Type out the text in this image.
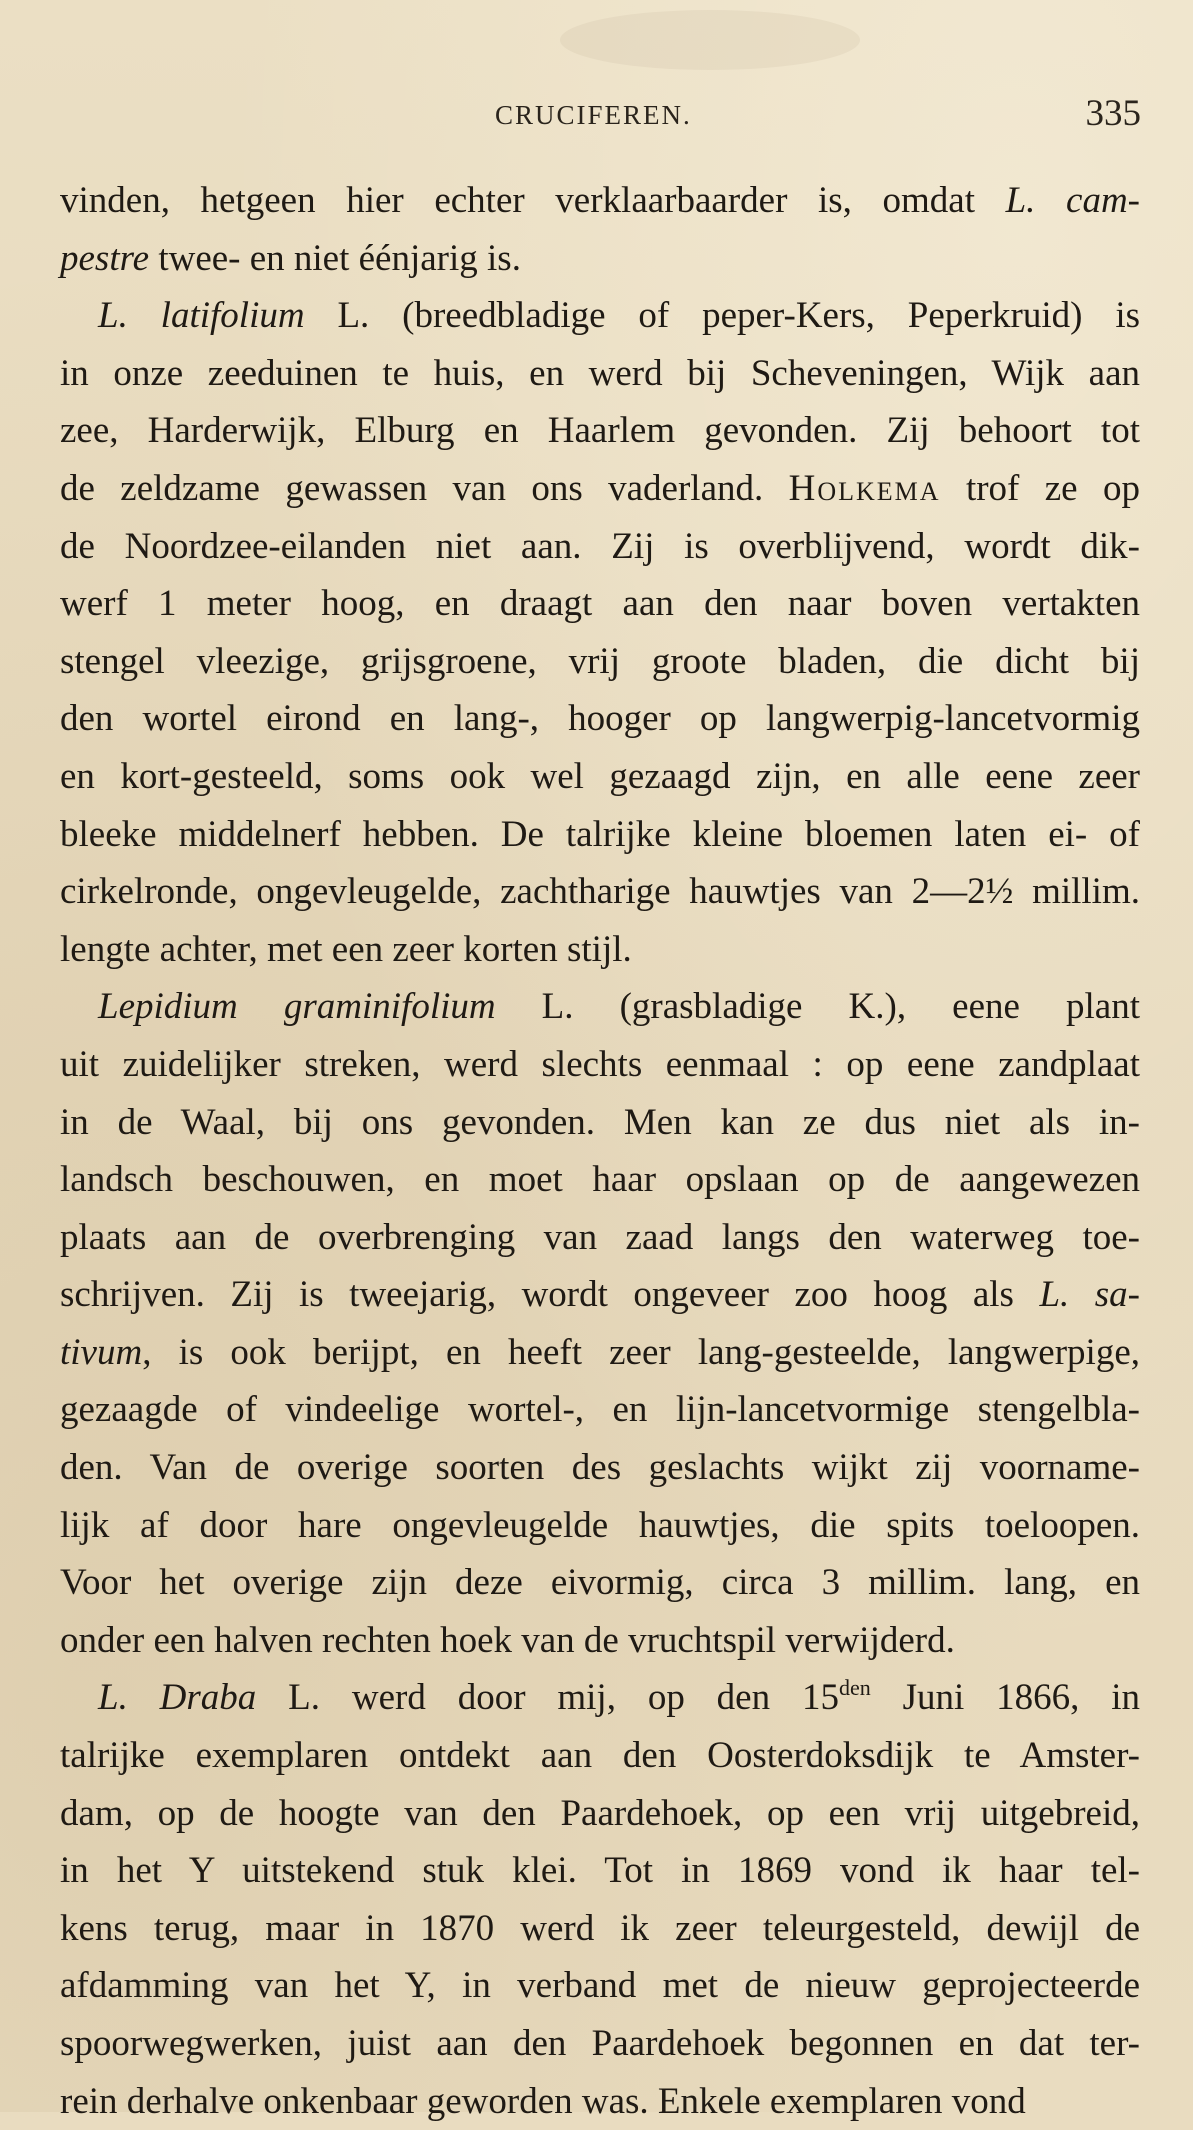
CRUCIFEREN.	335
vinden, hetgeen hier echter verklaarbaarder is, omdat L. cam-
pestre twee- en niet éénjarig is.
L. latifolium L. (breedbladige of peper-Kers, Peperkruid) is
in onze zeeduinen te huis, en werd bij Scheveningen, Wijk aan
zee, Harderwijk, Elburg en Haarlem gevonden. Zij behoort tot
de zeldzame gewassen van ons vaderland. Holkema trof ze op
de Noordzee-eilanden niet aan. Zij is overblijvend, wordt dik-
werf 1 meter hoog, en draagt aan den naar boven vertakten
stengel vleezige, grijsgroene, vrij groote bladen, die dicht bij
den wortel eirond en lang-, hooger op langwerpig-lancetvormig
en kort-gesteeld, soms ook wel gezaagd zijn, en alle eene zeer
bleeke middelnerf hebben. De talrijke kleine bloemen laten ei- of
cirkelronde, ongevleugelde, zachtharige hauwtjes van 2—2½ millim.
lengte achter, met een zeer korten stijl.
Lepidium graminifolium L. (grasbladige K.), eene plant
uit zuidelijker streken, werd slechts eenmaal : op eene zandplaat
in de Waal, bij ons gevonden. Men kan ze dus niet als in-
landsch beschouwen, en moet haar opslaan op de aangewezen
plaats aan de overbrenging van zaad langs den waterweg toe-
schrijven. Zij is tweejarig, wordt ongeveer zoo hoog als L. sa-
tivum, is ook berijpt, en heeft zeer lang-gesteelde, langwerpige,
gezaagde of vindeelige wortel-, en lijn-lancetvormige stengelbla-
den. Van de overige soorten des geslachts wijkt zij voorname-
lijk af door hare ongevleugelde hauwtjes, die spits toeloopen.
Voor het overige zijn deze eivormig, circa 3 millim. lang, en
onder een halven rechten hoek van de vruchtspil verwijderd.
L. Draba L. werd door mij, op den $15^{den}$ Juni 1866, in
talrijke exemplaren ontdekt aan den Oosterdoksdijk te Amster-
dam, op de hoogte van den Paardehoek, op een vrij uitgebreid,
in het Y uitstekend stuk klei. Tot in 1869 vond ik haar tel-
kens terug, maar in 1870 werd ik zeer teleurgesteld, dewijl de
afdamming van het Y, in verband met de nieuw geprojecteerde
spoorwegwerken, juist aan den Paardehoek begonnen en dat ter-
rein derhalve onkenbaar geworden was. Enkele exemplaren vond
